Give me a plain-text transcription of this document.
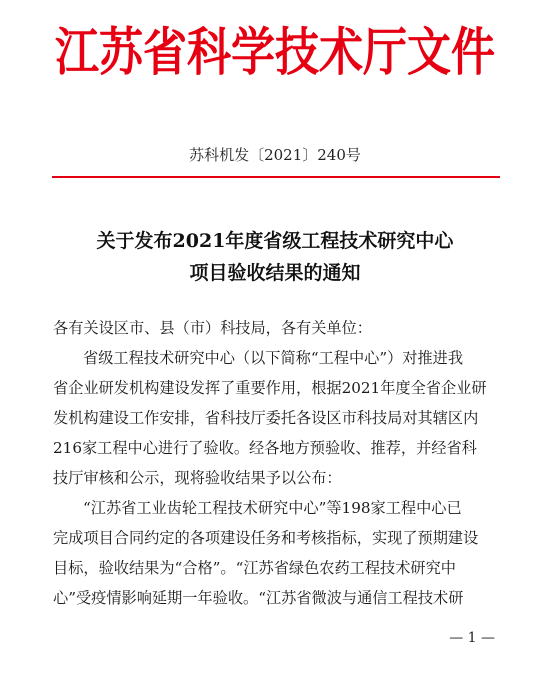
江苏省科学技术厅文件
苏科机发〔2021〕240号
关于发布2021年度省级工程技术研究中心
项目验收结果的通知

各有关设区市、县（市）科技局，各有关单位：

省级工程技术研究中心（以下简称“工程中心”）对推进我

省企业研发机构建设发挥了重要作用，根据2021年度全省企业研

发机构建设工作安排，省科技厅委托各设区市科技局对其辖区内

216家工程中心进行了验收。经各地方预验收、推荐，并经省科

技厅审核和公示，现将验收结果予以公布：

“江苏省工业齿轮工程技术研究中心”等198家工程中心已

完成项目合同约定的各项建设任务和考核指标，实现了预期建设

目标，验收结果为“合格”。“江苏省绿色农药工程技术研究中

心”受疫情影响延期一年验收。“江苏省微波与通信工程技术研

— 1 —
